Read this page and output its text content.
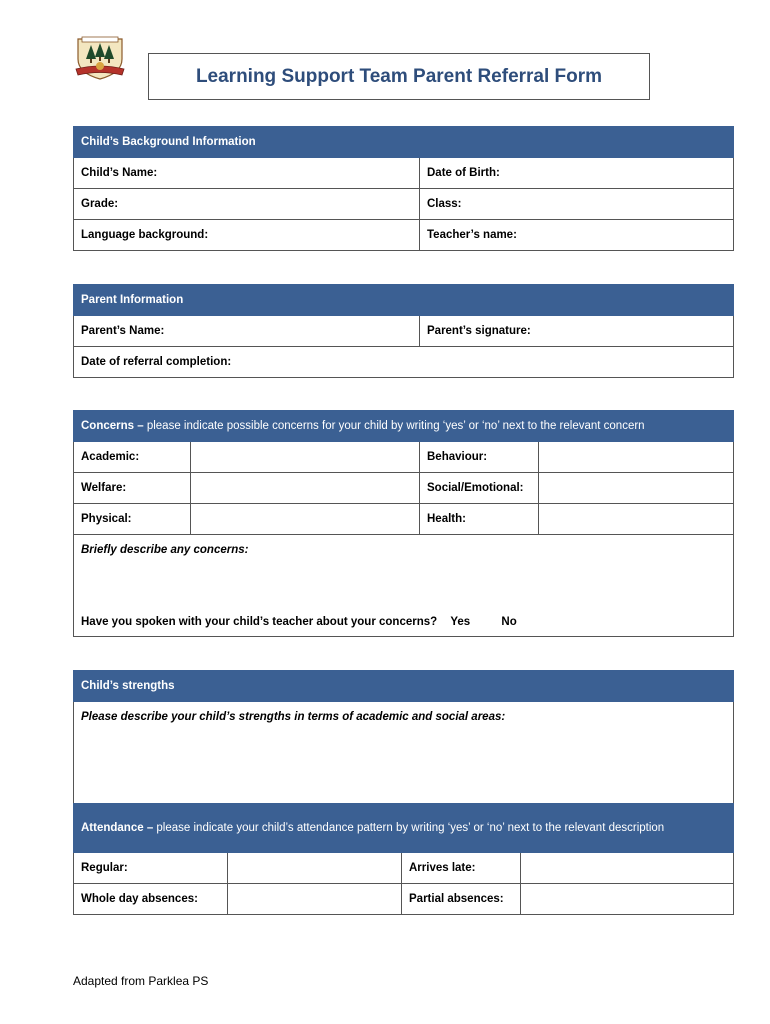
Learning Support Team Parent Referral Form
Child’s Background Information	
Child’s Name:	Date of Birth:
Grade:	Class:
Language background:	Teacher’s name:
Parent Information
Parent’s Name:	Parent’s signature:
Date of referral completion:
Concerns – please indicate possible concerns for your child by writing ‘yes’ or ‘no’ next to the relevant concern			
Academic:		Behaviour:	
Welfare:		Social/Emotional:	
Physical:		Health:	

Briefly describe any concerns:
Have you spoken with your child’s teacher about your concerns? Yes No			
Child’s strengths
Please describe your child’s strengths in terms of academic and social areas:
Attendance – please indicate your child’s attendance pattern by writing ‘yes’ or ‘no’ next to the relevant description			
Regular:		Arrives late:	
Whole day absences:		Partial absences:	
Adapted from Parklea PS
